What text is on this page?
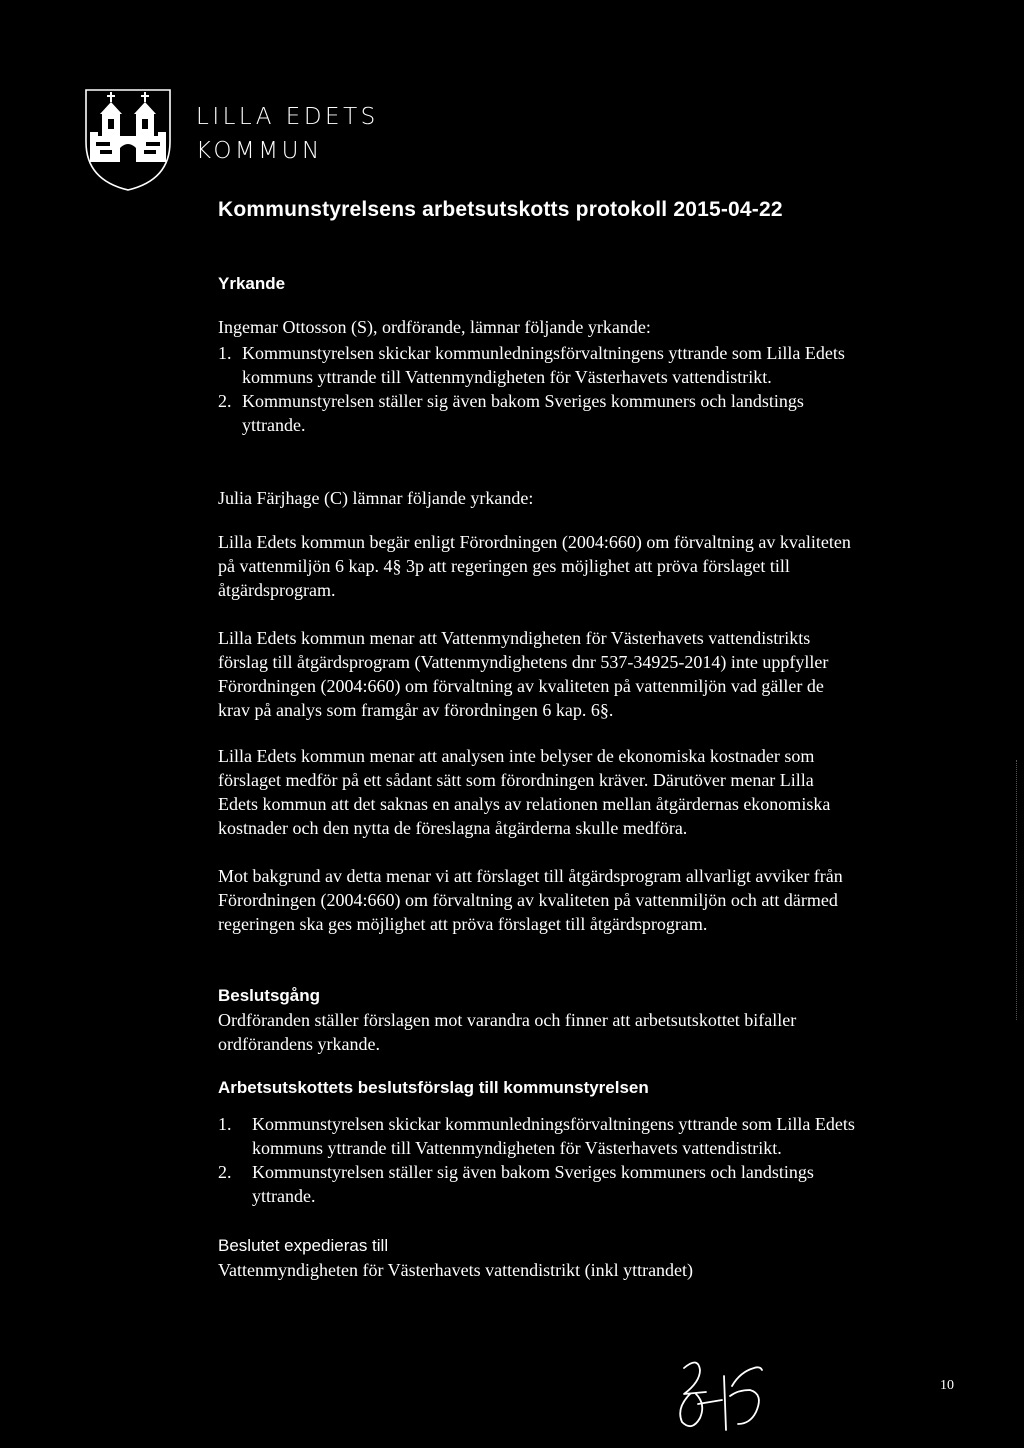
LILLA EDETS
KOMMUN
Kommunstyrelsens arbetsutskotts protokoll 2015-04-22
Yrkande
Ingemar Ottosson (S), ordförande, lämnar följande yrkande:
1. Kommunstyrelsen skickar kommunledningsförvaltningens yttrande som Lilla Edets
kommuns yttrande till Vattenmyndigheten för Västerhavets vattendistrikt.
2. Kommunstyrelsen ställer sig även bakom Sveriges kommuners och landstings
yttrande.
Julia Färjhage (C) lämnar följande yrkande:
Lilla Edets kommun begär enligt Förordningen (2004:660) om förvaltning av kvaliteten
på vattenmiljön 6 kap. 4§ 3p att regeringen ges möjlighet att pröva förslaget till
åtgärdsprogram.
Lilla Edets kommun menar att Vattenmyndigheten för Västerhavets vattendistrikts
förslag till åtgärdsprogram (Vattenmyndighetens dnr 537-34925-2014) inte uppfyller
Förordningen (2004:660) om förvaltning av kvaliteten på vattenmiljön vad gäller de
krav på analys som framgår av förordningen 6 kap. 6§.
Lilla Edets kommun menar att analysen inte belyser de ekonomiska kostnader som
förslaget medför på ett sådant sätt som förordningen kräver. Därutöver menar Lilla
Edets kommun att det saknas en analys av relationen mellan åtgärdernas ekonomiska
kostnader och den nytta de föreslagna åtgärderna skulle medföra.
Mot bakgrund av detta menar vi att förslaget till åtgärdsprogram allvarligt avviker från
Förordningen (2004:660) om förvaltning av kvaliteten på vattenmiljön och att därmed
regeringen ska ges möjlighet att pröva förslaget till åtgärdsprogram.
Beslutsgång
Ordföranden ställer förslagen mot varandra och finner att arbetsutskottet bifaller
ordförandens yrkande.
Arbetsutskottets beslutsförslag till kommunstyrelsen
1. Kommunstyrelsen skickar kommunledningsförvaltningens yttrande som Lilla Edets
kommuns yttrande till Vattenmyndigheten för Västerhavets vattendistrikt.
2. Kommunstyrelsen ställer sig även bakom Sveriges kommuners och landstings
yttrande.
Beslutet expedieras till
Vattenmyndigheten för Västerhavets vattendistrikt (inkl yttrandet)
10
